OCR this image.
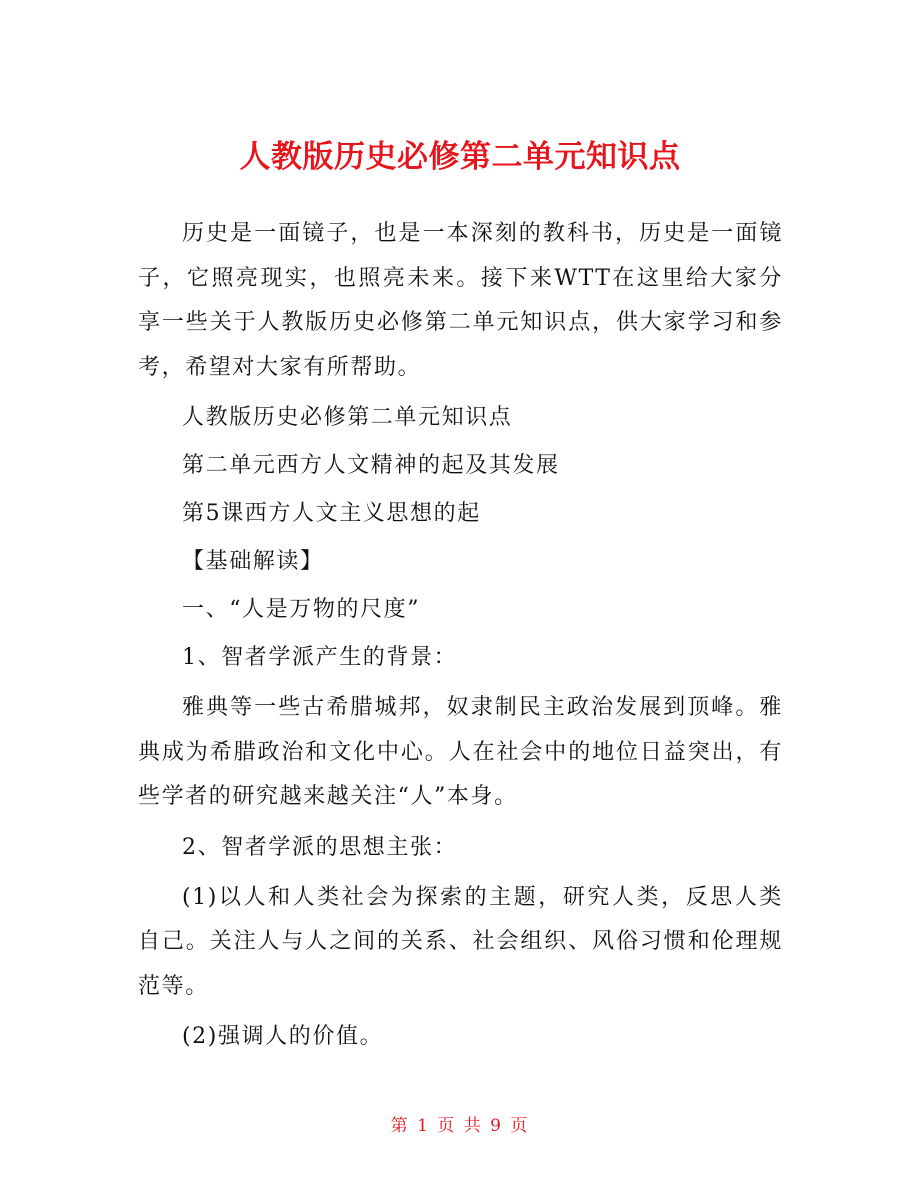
人教版历史必修第二单元知识点

历史是一面镜子，也是一本深刻的教科书，历史是一面镜子，它照亮现实，也照亮未来。接下来WTT在这里给大家分享一些关于人教版历史必修第二单元知识点，供大家学习和参考，希望对大家有所帮助。

人教版历史必修第二单元知识点
第二单元西方人文精神的起及其发展
第5课西方人文主义思想的起
【基础解读】
一、“人是万物的尺度”
1、智者学派产生的背景：

雅典等一些古希腊城邦，奴隶制民主政治发展到顶峰。雅典成为希腊政治和文化中心。人在社会中的地位日益突出，有些学者的研究越来越关注“人”本身。

2、智者学派的思想主张：

(1)以人和人类社会为探索的主题，研究人类，反思人类自己。关注人与人之间的关系、社会组织、风俗习惯和伦理规范等。

(2)强调人的价值。
第 1 页 共 9 页
